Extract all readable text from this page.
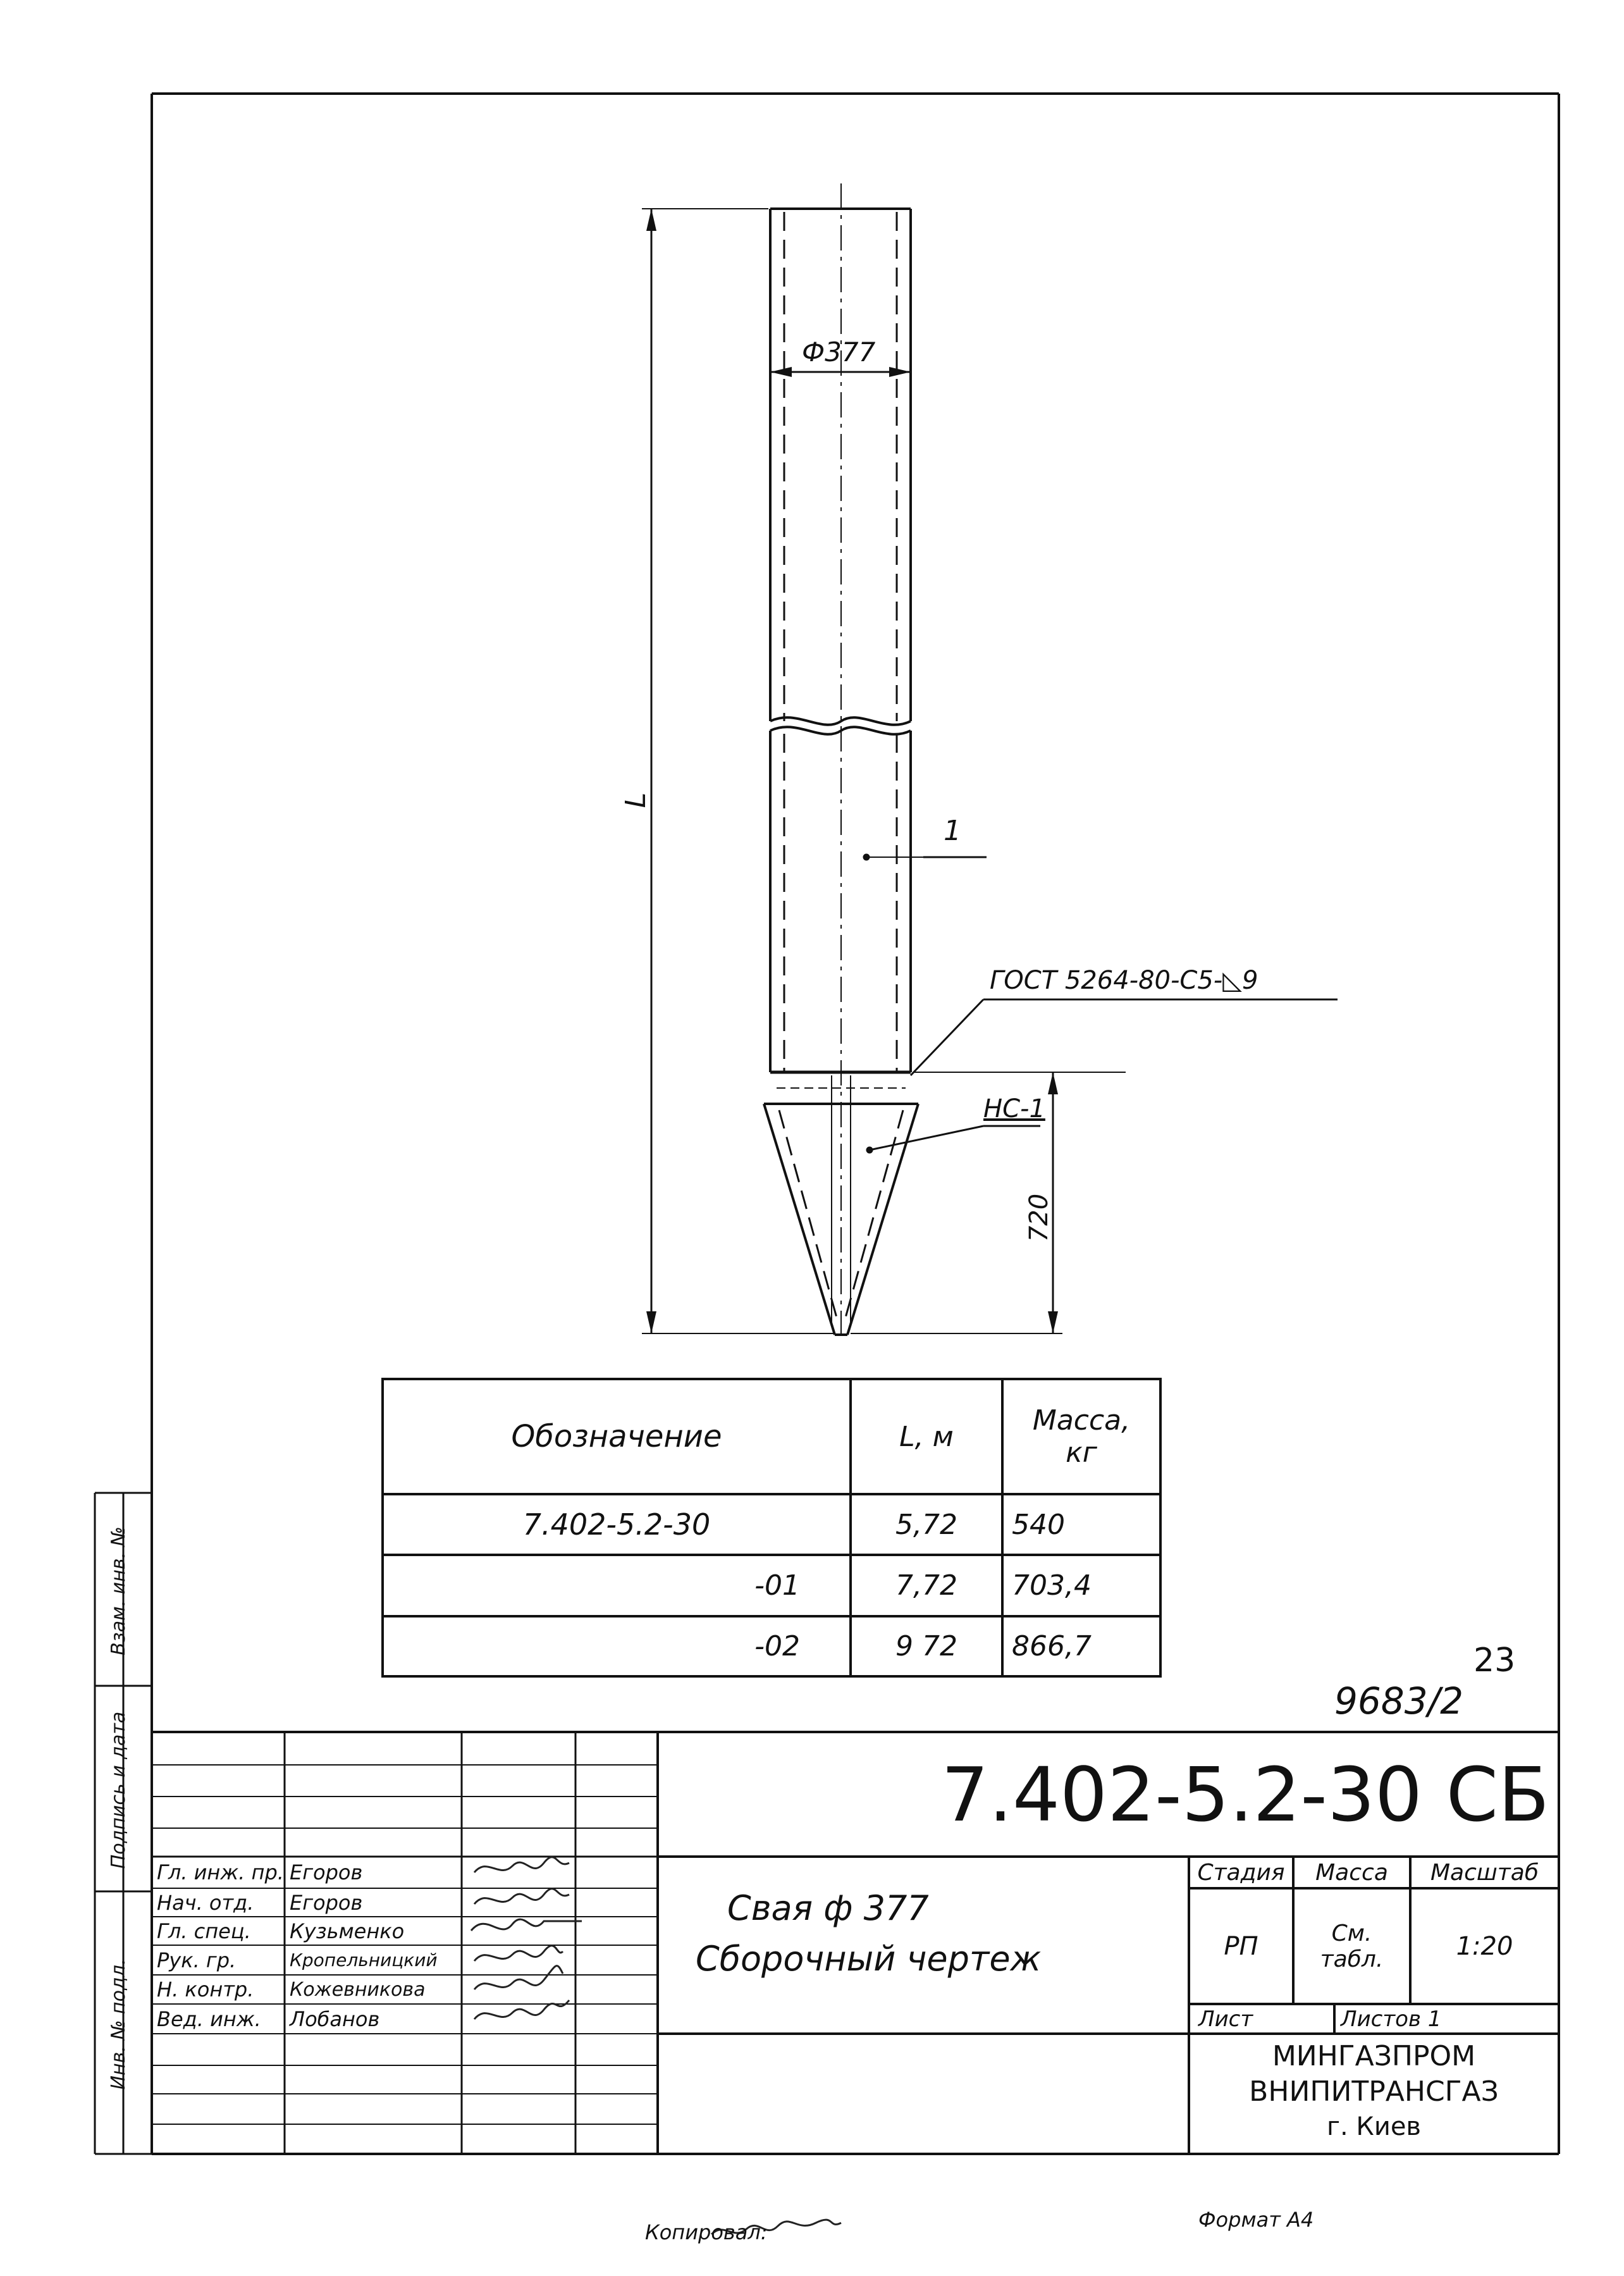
Ф377
L
720
1
ГОСТ 5264-80-С5-◺9
НС-1
Обозначение	L, м	Масса, кг
7.402-5.2-30	5,72	540
-01	7,72	703,4
-02	9 72	866,7	23
9683/2
7.402-5.2-30 СБ
Свая ф 377
Сборочный чертеж
Стадия	Масса	Масштаб
РП	См. табл.	1:20
Лист	Листов 1
МИНГАЗПРОМ
ВНИПИТРАНСГАЗ
г. Киев
Гл. инж. пр. Егоров
Нач. отд.	Егоров
Гл. спец.	Кузьменко
Рук. гр.	Кропельницкий
Н. контр.	Кожевникова
Вед. инж.	Лобанов
Инв. № подл.
Подпись и дата
Взам. инв. №
Копировал:
Формат А4
